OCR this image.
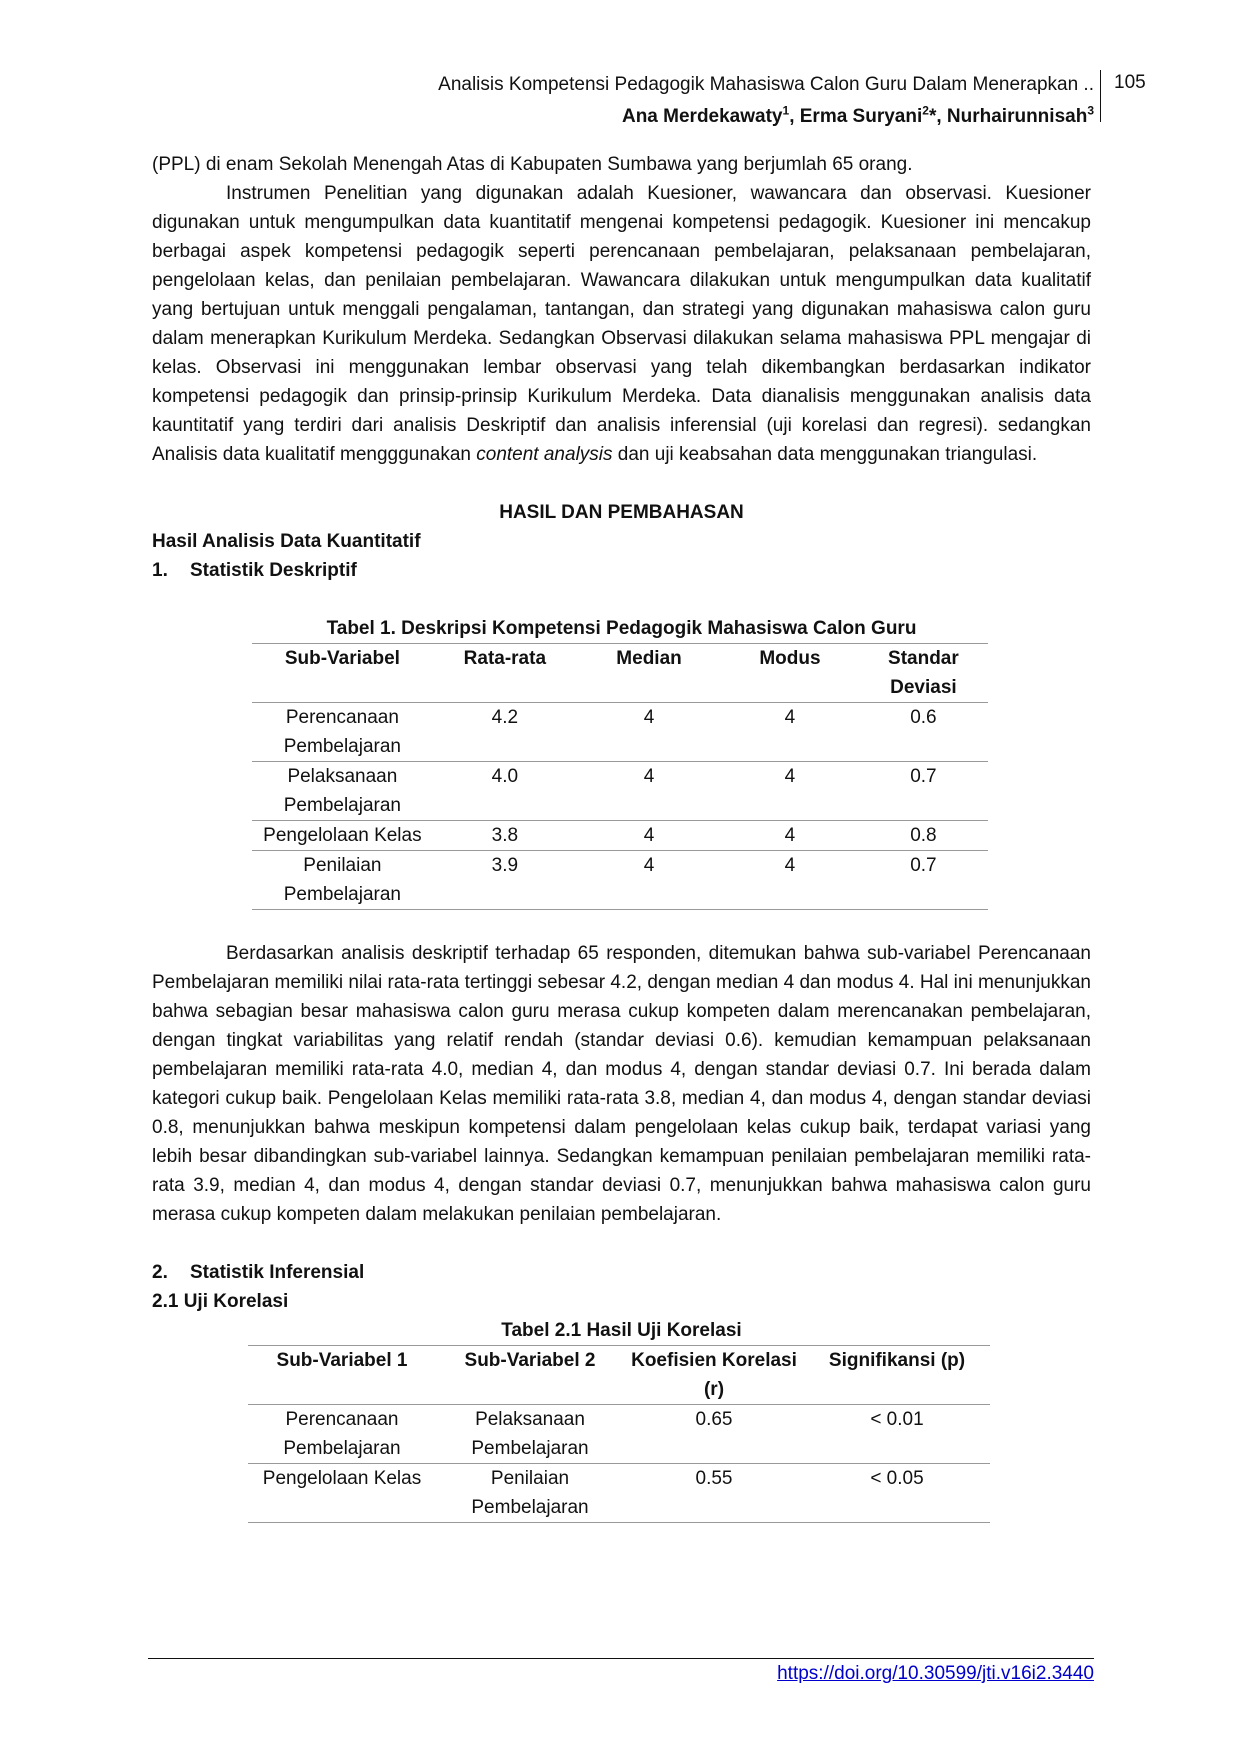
Analisis Kompetensi Pedagogik Mahasiswa Calon Guru Dalam Menerapkan ..
Ana Merdekawaty$^1$, Erma Suryani$^2$*, Nurhairunnisah$^3$
105

(PPL) di enam Sekolah Menengah Atas di Kabupaten Sumbawa yang berjumlah 65 orang.

Instrumen Penelitian yang digunakan adalah Kuesioner, wawancara dan observasi. Kuesioner digunakan untuk mengumpulkan data kuantitatif mengenai kompetensi pedagogik. Kuesioner ini mencakup berbagai aspek kompetensi pedagogik seperti perencanaan pembelajaran, pelaksanaan pembelajaran, pengelolaan kelas, dan penilaian pembelajaran. Wawancara dilakukan untuk mengumpulkan data kualitatif yang bertujuan untuk menggali pengalaman, tantangan, dan strategi yang digunakan mahasiswa calon guru dalam menerapkan Kurikulum Merdeka. Sedangkan Observasi dilakukan selama mahasiswa PPL mengajar di kelas. Observasi ini menggunakan lembar observasi yang telah dikembangkan berdasarkan indikator kompetensi pedagogik dan prinsip-prinsip Kurikulum Merdeka. Data dianalisis menggunakan analisis data kauntitatif yang terdiri dari analisis Deskriptif dan analisis inferensial (uji korelasi dan regresi). sedangkan Analisis data kualitatif mengggunakan content analysis dan uji keabsahan data menggunakan triangulasi.

HASIL DAN PEMBAHASAN
Hasil Analisis Data Kuantitatif
1. Statistik Deskriptif
Tabel 1. Deskripsi Kompetensi Pedagogik Mahasiswa Calon Guru
Sub-Variabel	Rata-rata	Median	Modus	Standar Deviasi
Perencanaan Pembelajaran	4.2	4	4	0.6
Pelaksanaan Pembelajaran	4.0	4	4	0.7
Pengelolaan Kelas	3.8	4	4	0.8
Penilaian Pembelajaran	3.9	4	4	0.7

Berdasarkan analisis deskriptif terhadap 65 responden, ditemukan bahwa sub-variabel Perencanaan Pembelajaran memiliki nilai rata-rata tertinggi sebesar 4.2, dengan median 4 dan modus 4. Hal ini menunjukkan bahwa sebagian besar mahasiswa calon guru merasa cukup kompeten dalam merencanakan pembelajaran, dengan tingkat variabilitas yang relatif rendah (standar deviasi 0.6). kemudian kemampuan pelaksanaan pembelajaran memiliki rata-rata 4.0, median 4, dan modus 4, dengan standar deviasi 0.7. Ini berada dalam kategori cukup baik. Pengelolaan Kelas memiliki rata-rata 3.8, median 4, dan modus 4, dengan standar deviasi 0.8, menunjukkan bahwa meskipun kompetensi dalam pengelolaan kelas cukup baik, terdapat variasi yang lebih besar dibandingkan sub-variabel lainnya. Sedangkan kemampuan penilaian pembelajaran memiliki rata-rata 3.9, median 4, dan modus 4, dengan standar deviasi 0.7, menunjukkan bahwa mahasiswa calon guru merasa cukup kompeten dalam melakukan penilaian pembelajaran.

2. Statistik Inferensial
2.1 Uji Korelasi
Tabel 2.1 Hasil Uji Korelasi
Sub-Variabel 1	Sub-Variabel 2	Koefisien Korelasi (r)	Signifikansi (p)
Perencanaan Pembelajaran	Pelaksanaan Pembelajaran	0.65	< 0.01
Pengelolaan Kelas	Penilaian Pembelajaran	0.55	< 0.05
https://doi.org/10.30599/jti.v16i2.3440
